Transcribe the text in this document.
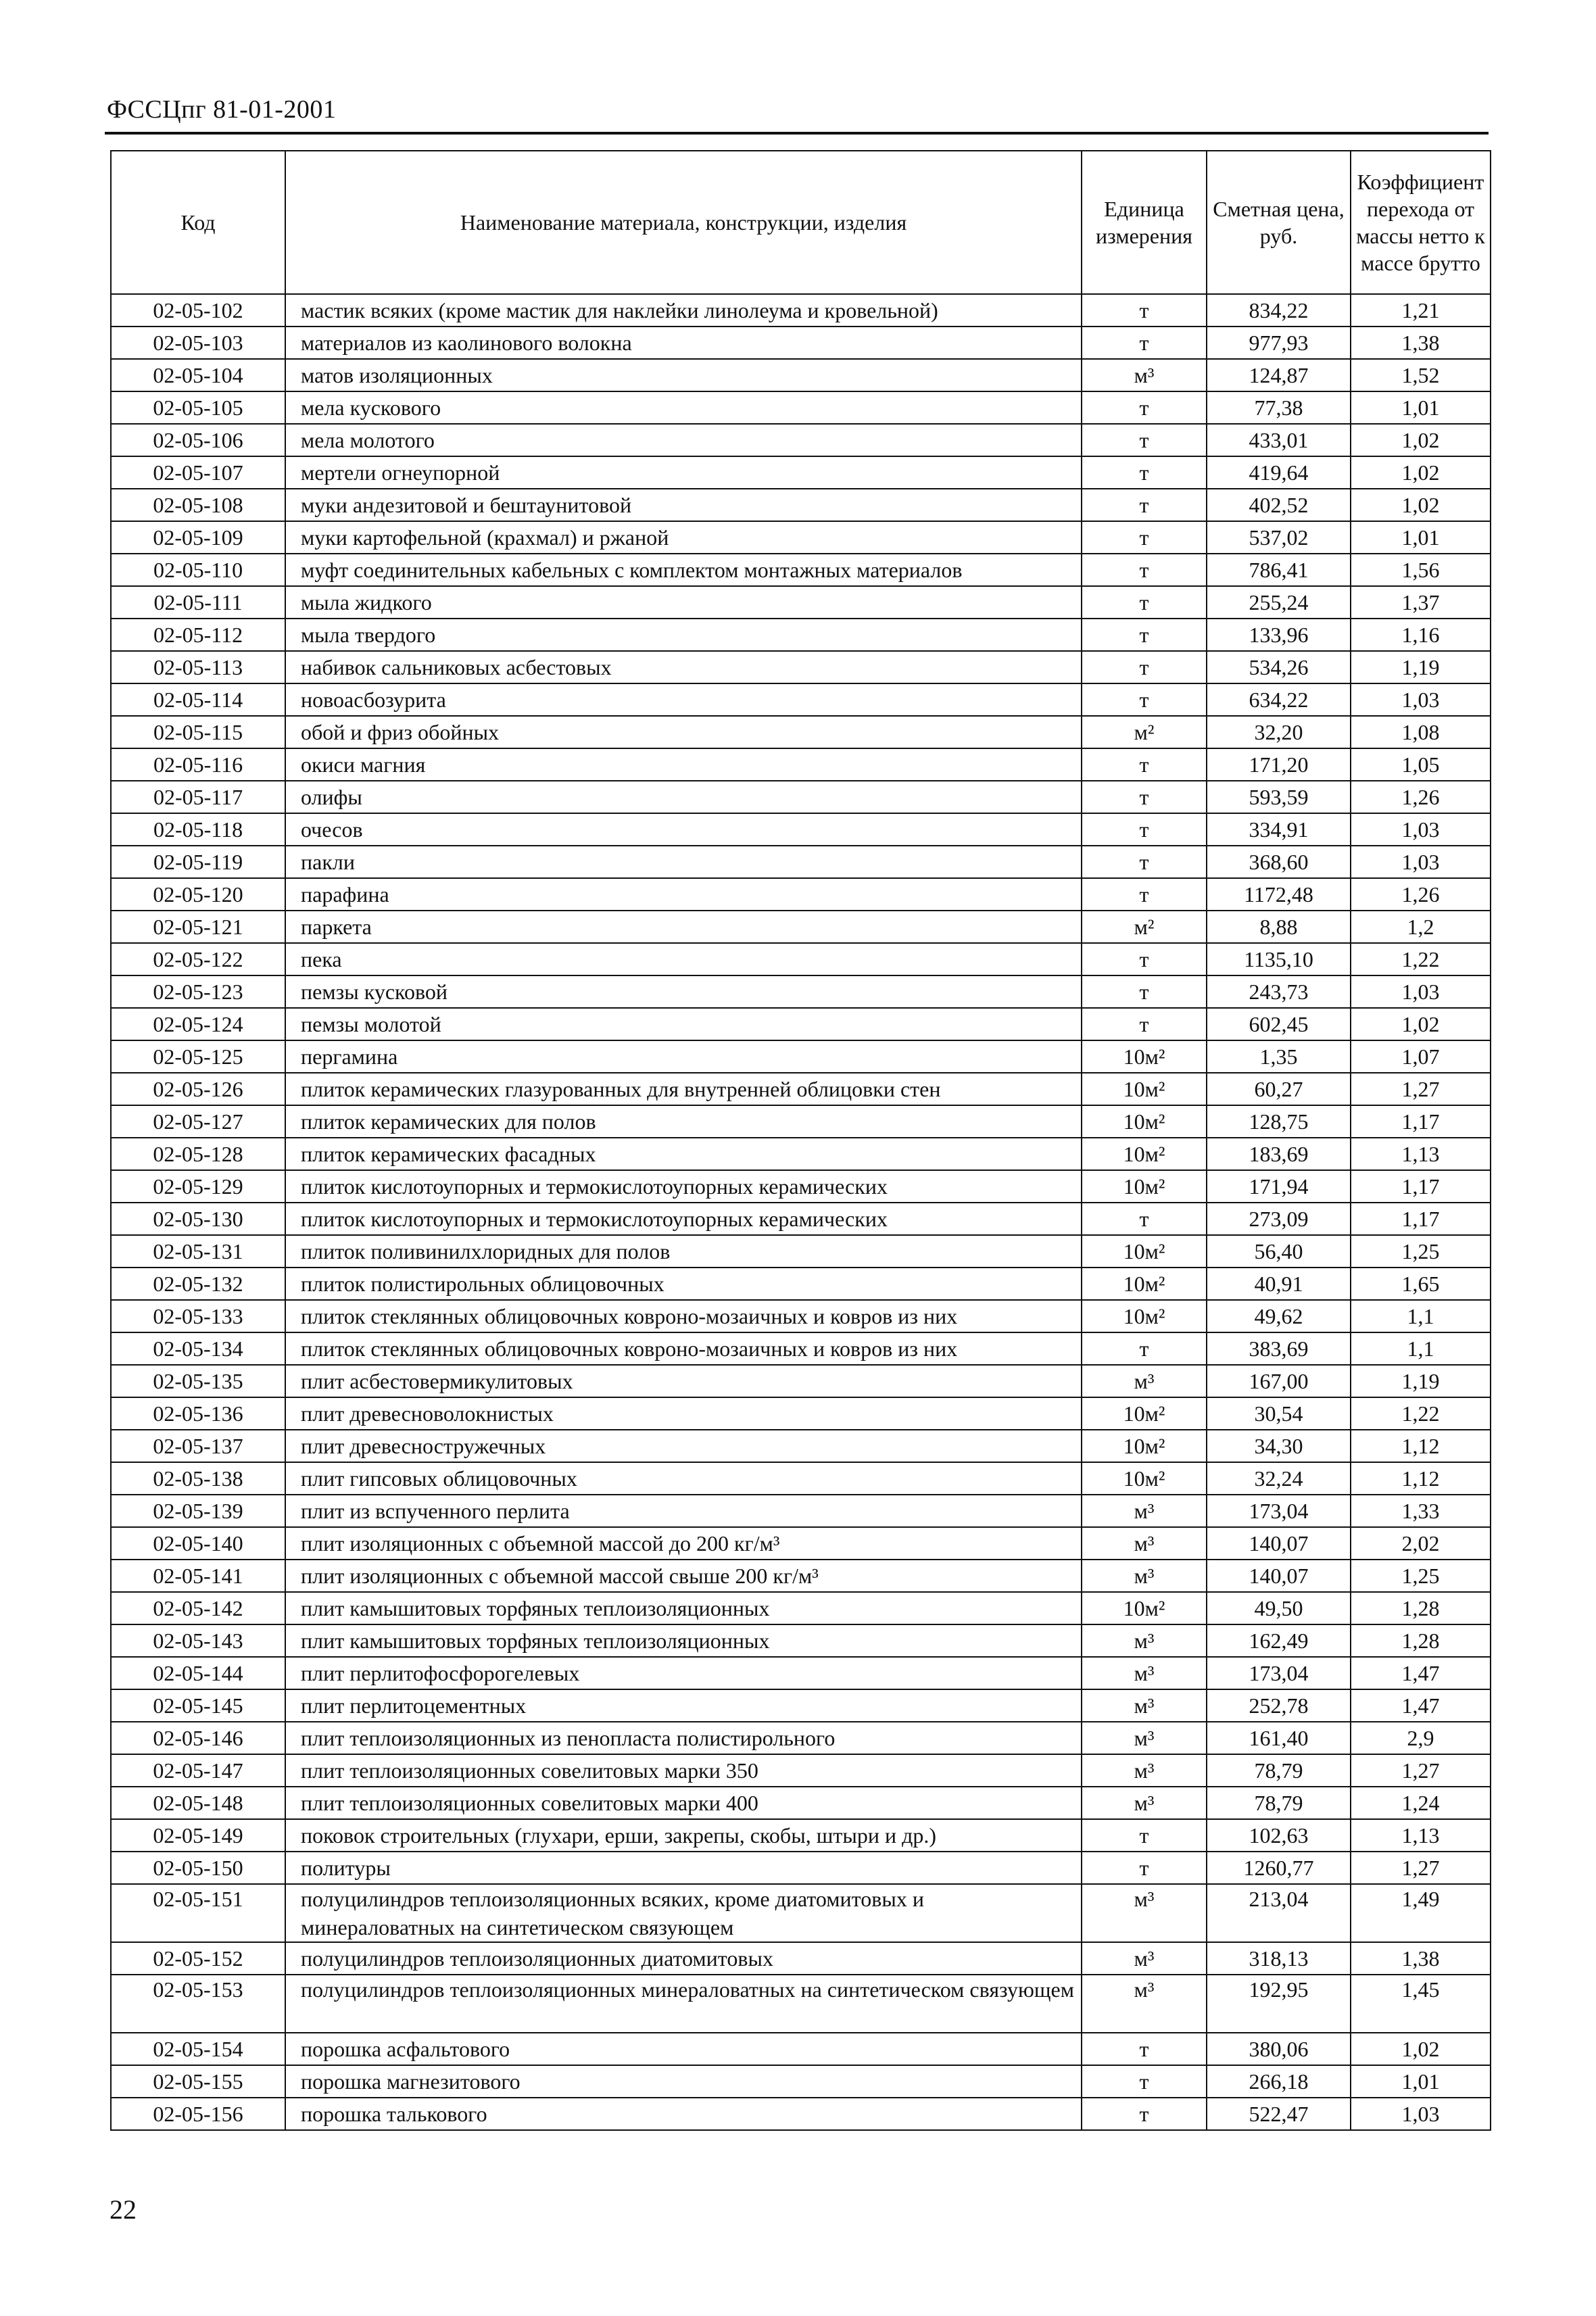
ФССЦпг 81-01-2001
Код	Наименование материала, конструкции, изделия	Единица измерения	Сметная цена, руб.	Коэффициент перехода от массы нетто к массе брутто
02-05-102	мастик всяких (кроме мастик для наклейки линолеума и кровельной)	т	834,22	1,21
02-05-103	материалов из каолинового волокна	т	977,93	1,38
02-05-104	матов изоляционных	м³	124,87	1,52
02-05-105	мела кускового	т	77,38	1,01
02-05-106	мела молотого	т	433,01	1,02
02-05-107	мертели огнеупорной	т	419,64	1,02
02-05-108	муки андезитовой и бештаунитовой	т	402,52	1,02
02-05-109	муки картофельной (крахмал) и ржаной	т	537,02	1,01
02-05-110	муфт соединительных кабельных с комплектом монтажных материалов	т	786,41	1,56
02-05-111	мыла жидкого	т	255,24	1,37
02-05-112	мыла твердого	т	133,96	1,16
02-05-113	набивок сальниковых асбестовых	т	534,26	1,19
02-05-114	новоасбозурита	т	634,22	1,03
02-05-115	обой и фриз обойных	м²	32,20	1,08
02-05-116	окиси магния	т	171,20	1,05
02-05-117	олифы	т	593,59	1,26
02-05-118	очесов	т	334,91	1,03
02-05-119	пакли	т	368,60	1,03
02-05-120	парафина	т	1172,48	1,26
02-05-121	паркета	м²	8,88	1,2
02-05-122	пека	т	1135,10	1,22
02-05-123	пемзы кусковой	т	243,73	1,03
02-05-124	пемзы молотой	т	602,45	1,02
02-05-125	пергамина	10м²	1,35	1,07
02-05-126	плиток керамических глазурованных для внутренней облицовки стен	10м²	60,27	1,27
02-05-127	плиток керамических для полов	10м²	128,75	1,17
02-05-128	плиток керамических фасадных	10м²	183,69	1,13
02-05-129	плиток кислотоупорных и термокислотоупорных керамических	10м²	171,94	1,17
02-05-130	плиток кислотоупорных и термокислотоупорных керамических	т	273,09	1,17
02-05-131	плиток поливинилхлоридных для полов	10м²	56,40	1,25
02-05-132	плиток полистирольных облицовочных	10м²	40,91	1,65
02-05-133	плиток стеклянных облицовочных ковроно-мозаичных и ковров из них	10м²	49,62	1,1
02-05-134	плиток стеклянных облицовочных ковроно-мозаичных и ковров из них	т	383,69	1,1
02-05-135	плит асбестовермикулитовых	м³	167,00	1,19
02-05-136	плит древесноволокнистых	10м²	30,54	1,22
02-05-137	плит древесностружечных	10м²	34,30	1,12
02-05-138	плит гипсовых облицовочных	10м²	32,24	1,12
02-05-139	плит из вспученного перлита	м³	173,04	1,33
02-05-140	плит изоляционных с объемной массой до 200 кг/м³	м³	140,07	2,02
02-05-141	плит изоляционных с объемной массой свыше 200 кг/м³	м³	140,07	1,25
02-05-142	плит камышитовых торфяных теплоизоляционных	10м²	49,50	1,28
02-05-143	плит камышитовых торфяных теплоизоляционных	м³	162,49	1,28
02-05-144	плит перлитофосфорогелевых	м³	173,04	1,47
02-05-145	плит перлитоцементных	м³	252,78	1,47
02-05-146	плит теплоизоляционных из пенопласта полистирольного	м³	161,40	2,9
02-05-147	плит теплоизоляционных совелитовых марки 350	м³	78,79	1,27
02-05-148	плит теплоизоляционных совелитовых марки 400	м³	78,79	1,24
02-05-149	поковок строительных (глухари, ерши, закрепы, скобы, штыри и др.)	т	102,63	1,13
02-05-150	политуры	т	1260,77	1,27
02-05-151	полуцилиндров теплоизоляционных всяких, кроме диатомитовых и минераловатных на синтетическом связующем	м³	213,04	1,49
02-05-152	полуцилиндров теплоизоляционных диатомитовых	м³	318,13	1,38
02-05-153	полуцилиндров теплоизоляционных минераловатных на синтетическом связующем	м³	192,95	1,45
02-05-154	порошка асфальтового	т	380,06	1,02
02-05-155	порошка магнезитового	т	266,18	1,01
02-05-156	порошка талькового	т	522,47	1,03
22
